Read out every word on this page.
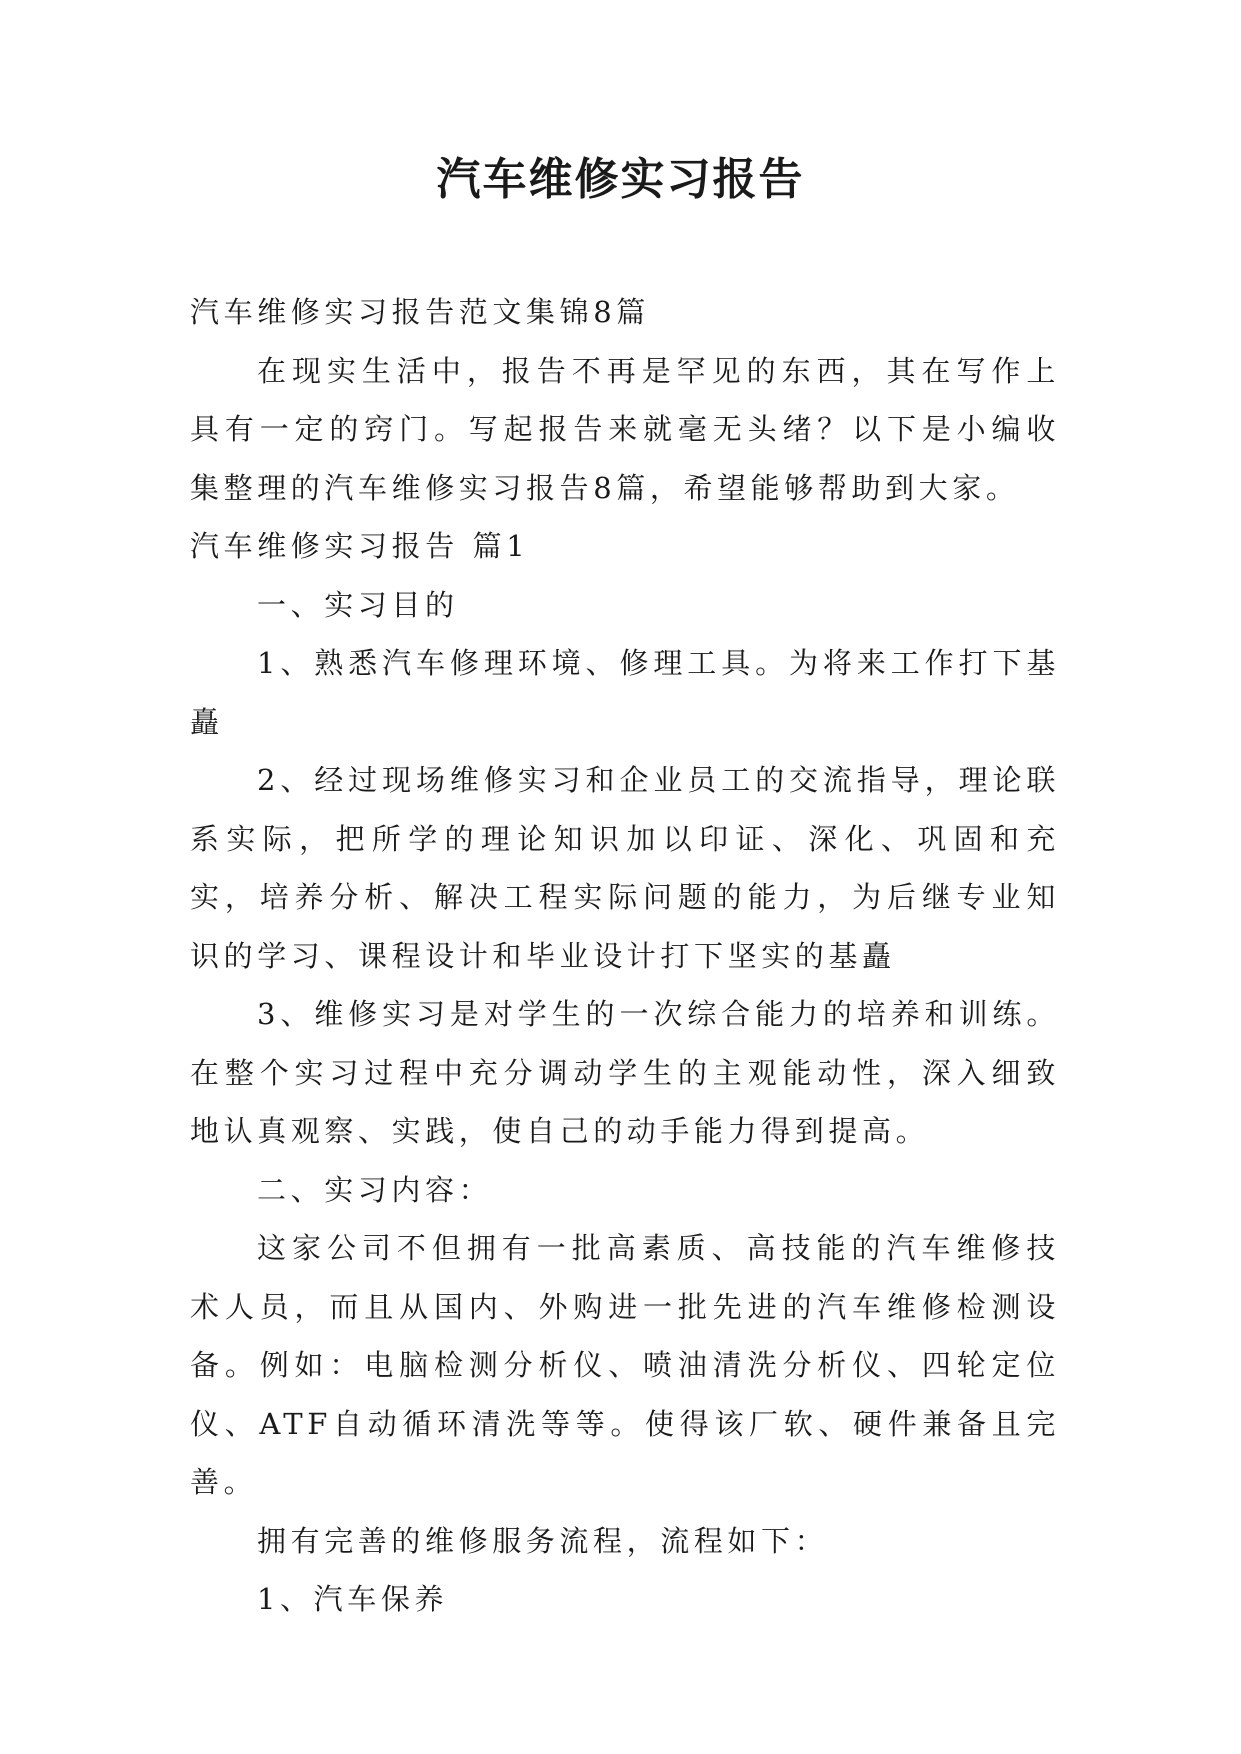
汽车维修实习报告

汽车维修实习报告范文集锦8篇

在现实生活中，报告不再是罕见的东西，其在写作上具有一定的窍门。写起报告来就毫无头绪？以下是小编收集整理的汽车维修实习报告8篇，希望能够帮助到大家。

汽车维修实习报告 篇1

一、实习目的

1、熟悉汽车修理环境、修理工具。为将来工作打下基矗

2、经过现场维修实习和企业员工的交流指导，理论联系实际，把所学的理论知识加以印证、深化、巩固和充实，培养分析、解决工程实际问题的能力，为后继专业知识的学习、课程设计和毕业设计打下坚实的基矗

3、维修实习是对学生的一次综合能力的培养和训练。在整个实习过程中充分调动学生的主观能动性，深入细致地认真观察、实践，使自己的动手能力得到提高。

二、实习内容：

这家公司不但拥有一批高素质、高技能的汽车维修技术人员，而且从国内、外购进一批先进的汽车维修检测设备。例如：电脑检测分析仪、喷油清洗分析仪、四轮定位仪、ATF自动循环清洗等等。使得该厂软、硬件兼备且完善。

拥有完善的维修服务流程，流程如下：

1、汽车保养
